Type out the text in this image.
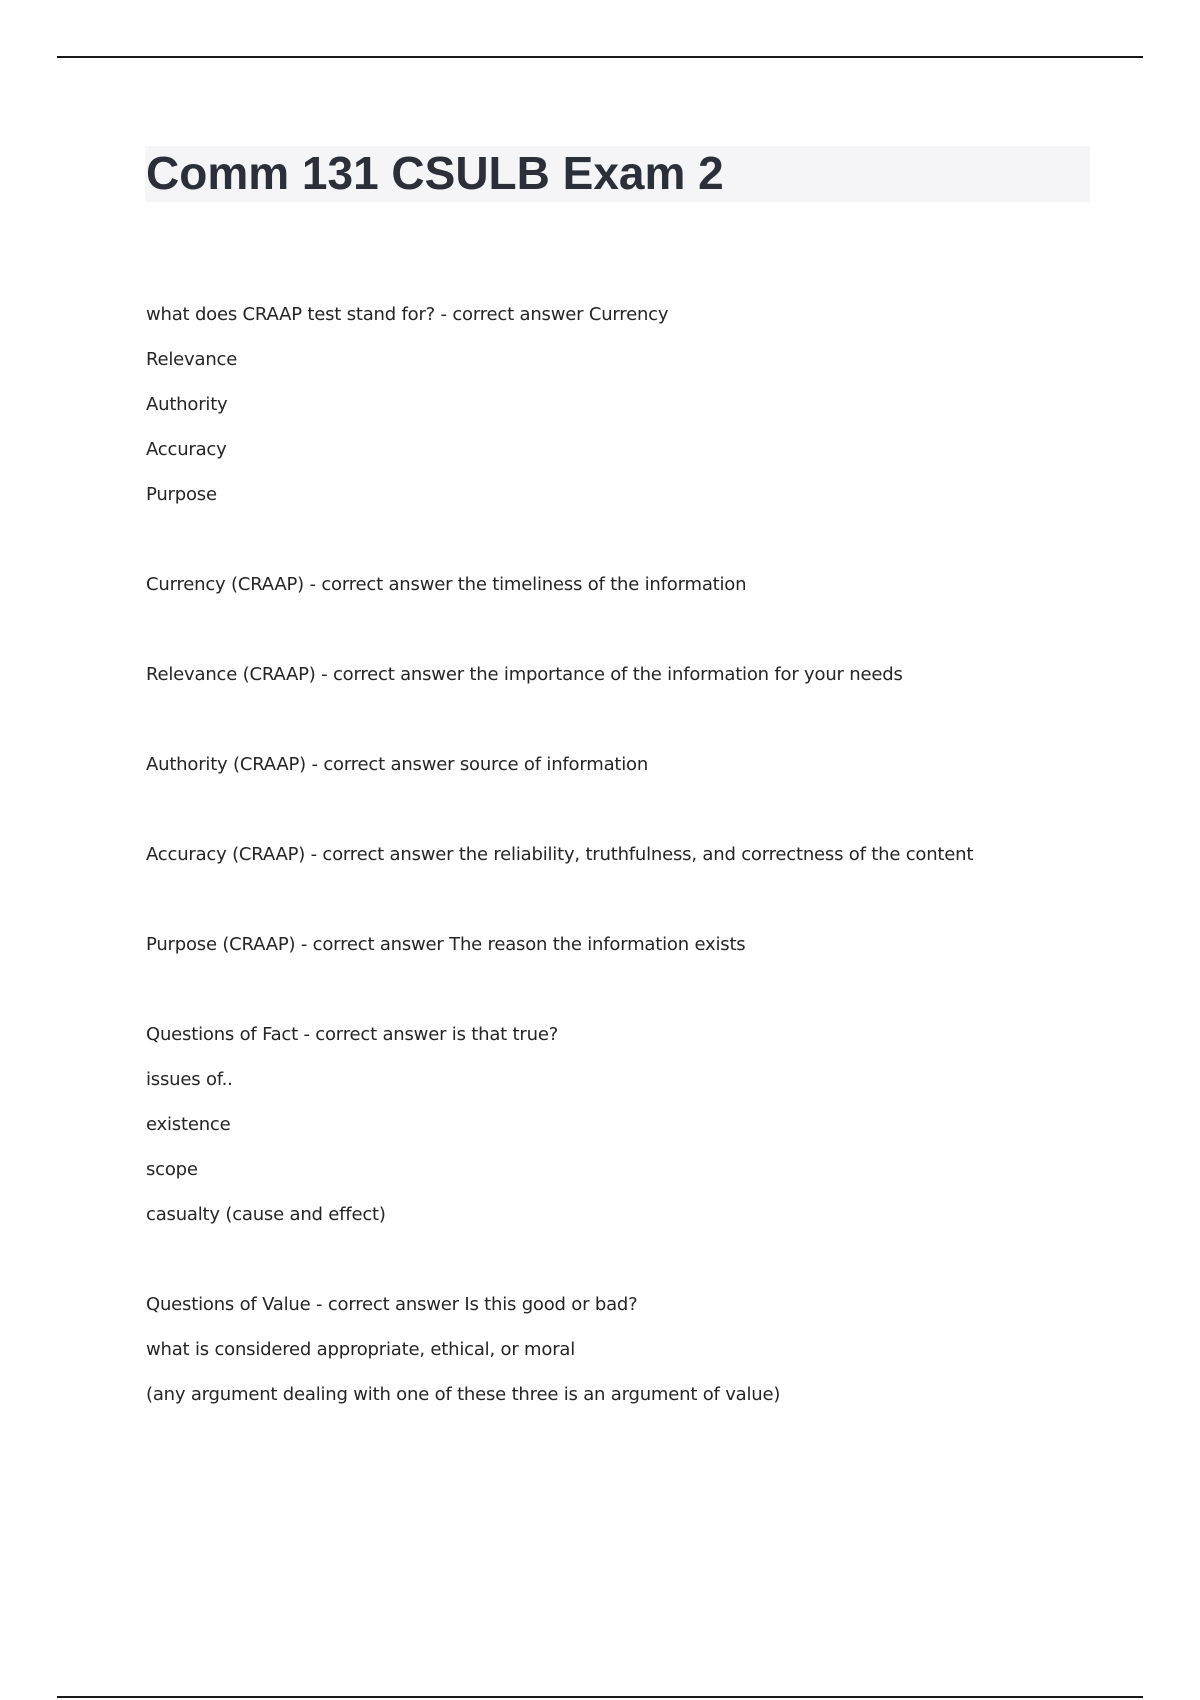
Comm 131 CSULB Exam 2
what does CRAAP test stand for? - correct answer Currency
Relevance
Authority
Accuracy
Purpose
Currency (CRAAP) - correct answer the timeliness of the information
Relevance (CRAAP) - correct answer the importance of the information for your needs
Authority (CRAAP) - correct answer source of information
Accuracy (CRAAP) - correct answer the reliability, truthfulness, and correctness of the content
Purpose (CRAAP) - correct answer The reason the information exists
Questions of Fact - correct answer is that true?
issues of..
existence
scope
casualty (cause and effect)
Questions of Value - correct answer Is this good or bad?
what is considered appropriate, ethical, or moral
(any argument dealing with one of these three is an argument of value)
